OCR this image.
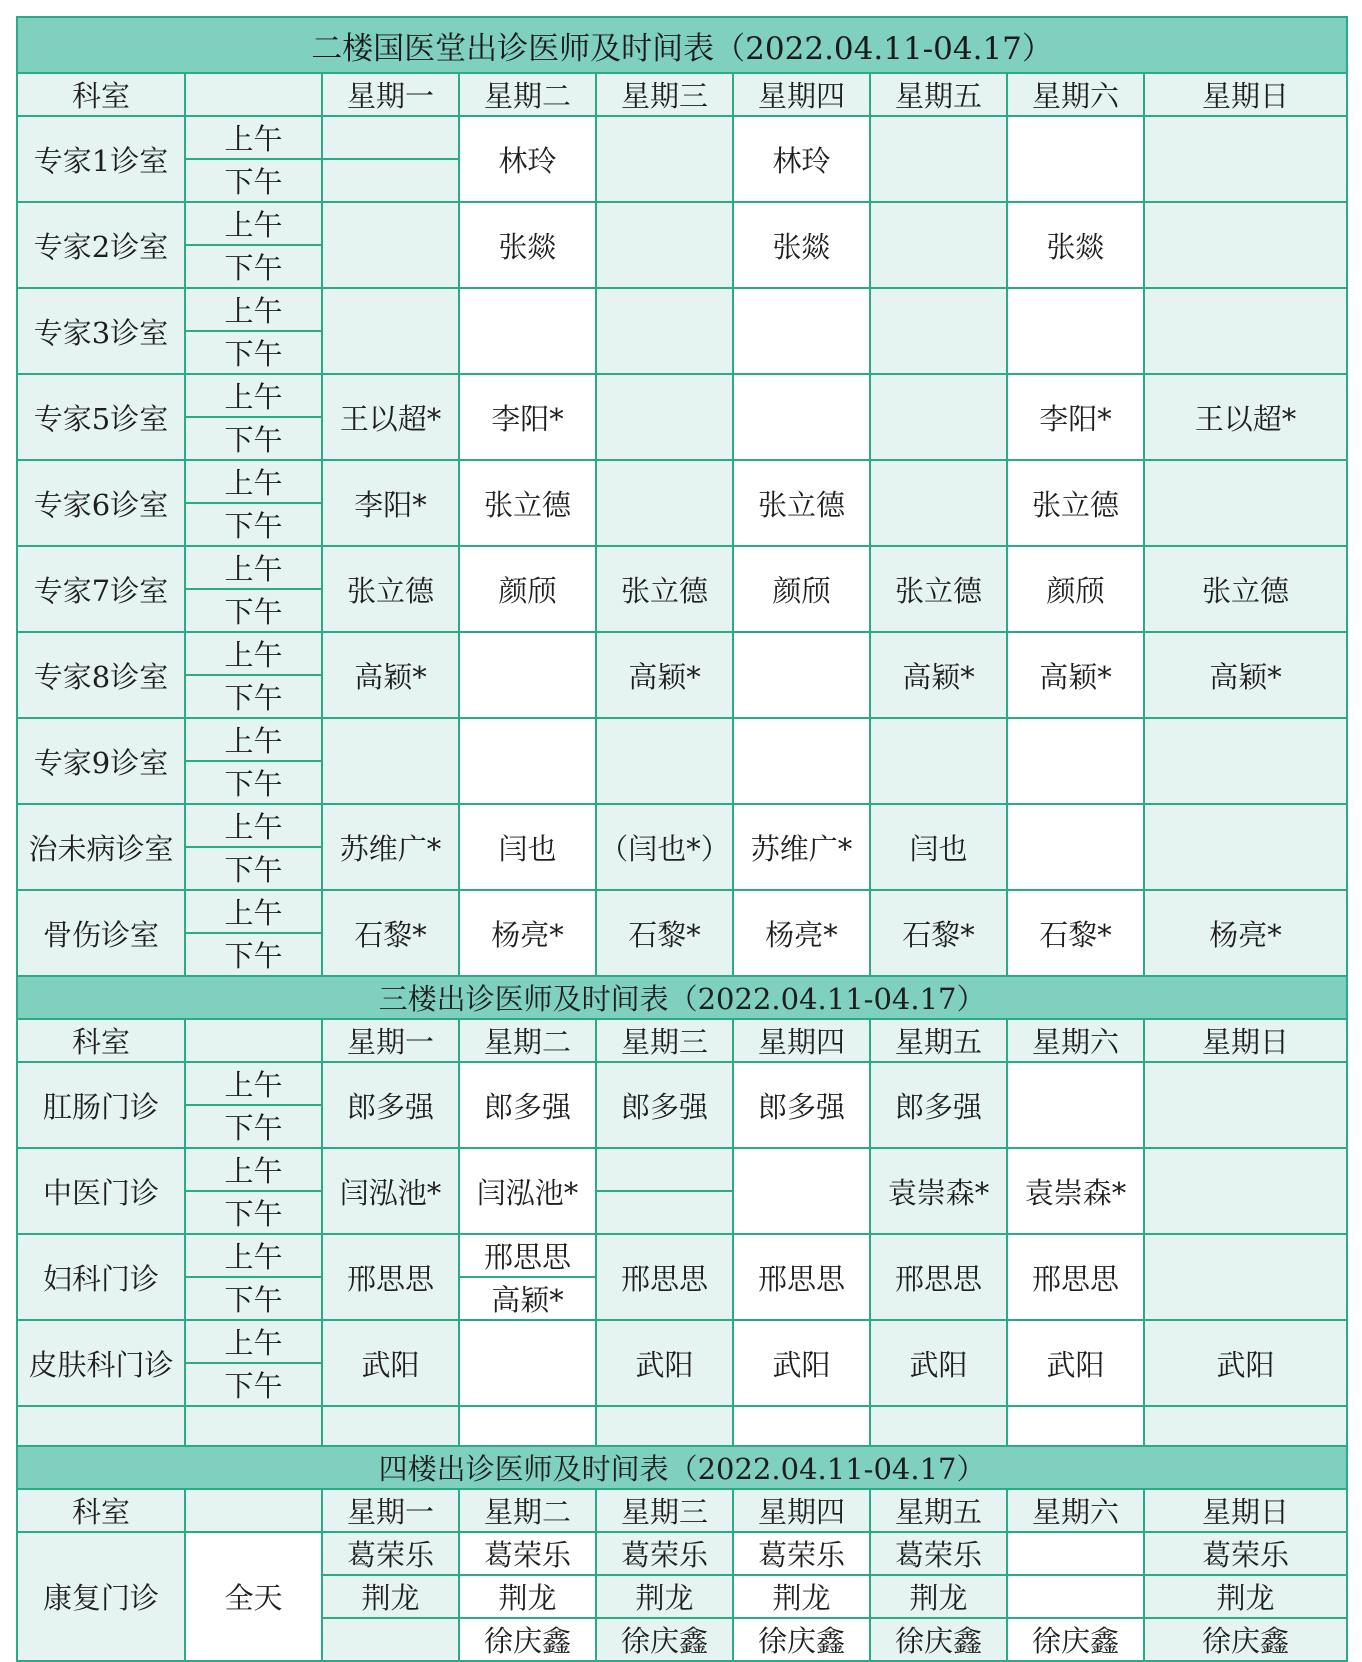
二楼国医堂出诊医师及时间表（2022.04.11-04.17）								
科室		星期一	星期二	星期三	星期四	星期五	星期六	星期日
专家1诊室	上午		林玲		林玲			
	下午							
专家2诊室	上午		张燚		张燚		张燚	
	下午							
专家3诊室	上午							
	下午							
专家5诊室	上午	王以超*	李阳*				李阳*	王以超*
	下午							
专家6诊室	上午	李阳*	张立德		张立德		张立德	
	下午							
专家7诊室	上午	张立德	颜颀	张立德	颜颀	张立德	颜颀	张立德
	下午							
专家8诊室	上午	高颖*		高颖*		高颖*	高颖*	高颖*
	下午							
专家9诊室	上午							
	下午							
治未病诊室	上午	苏维广*	闫也	（闫也*）	苏维广*	闫也		
	下午							
骨伤诊室	上午	石黎*	杨亮*	石黎*	杨亮*	石黎*	石黎*	杨亮*
	下午							
三楼出诊医师及时间表（2022.04.11-04.17）								
科室		星期一	星期二	星期三	星期四	星期五	星期六	星期日
肛肠门诊	上午	郎多强	郎多强	郎多强	郎多强	郎多强		
	下午							
中医门诊	上午	闫泓池*	闫泓池*			袁崇森*	袁崇森*	
	下午							
妇科门诊	上午	邢思思	邢思思	邢思思	邢思思	邢思思	邢思思	
	下午		高颖*					
皮肤科门诊	上午	武阳		武阳	武阳	武阳	武阳	武阳
	下午							

四楼出诊医师及时间表（2022.04.11-04.17）								
科室		星期一	星期二	星期三	星期四	星期五	星期六	星期日
康复门诊	全天	葛荣乐	葛荣乐	葛荣乐	葛荣乐	葛荣乐		葛荣乐
		荆龙	荆龙	荆龙	荆龙	荆龙		荆龙
			徐庆鑫	徐庆鑫	徐庆鑫	徐庆鑫	徐庆鑫	徐庆鑫
